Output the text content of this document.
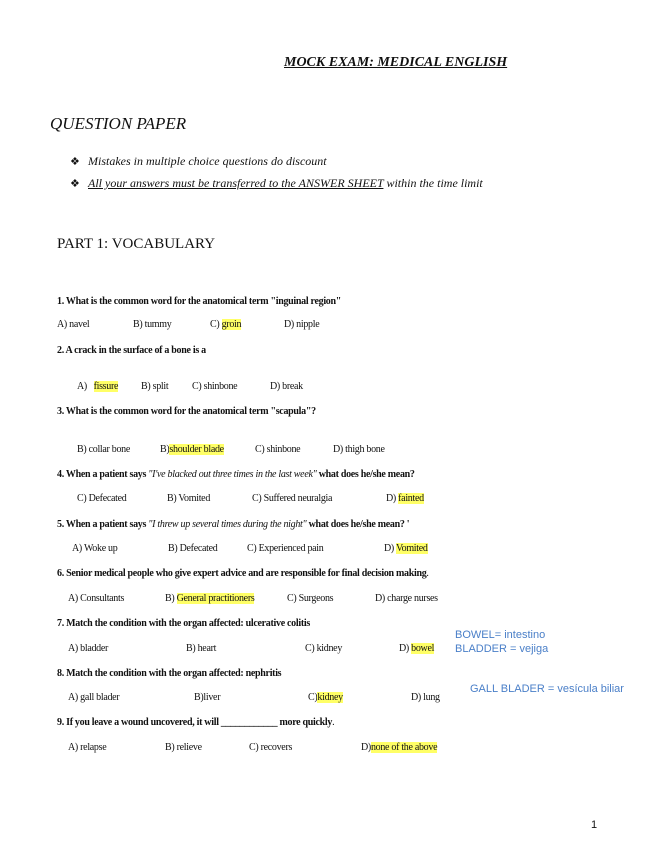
MOCK EXAM: MEDICAL ENGLISH
QUESTION PAPER
❖ Mistakes in multiple choice questions do discount
❖ All your answers must be transferred to the ANSWER SHEET within the time limit
PART 1: VOCABULARY
1. What is the common word for the anatomical term "inguinal region"
A) navel	B) tummy	C) groin	D) nipple
2. A crack in the surface of a bone is a
A) fissure B) split C) shinbone	D) break
3. What is the common word for the anatomical term "scapula"?
B) collar bone	B)shoulder blade	C) shinbone	D) thigh bone
4. When a patient says "I've blacked out three times in the last week" what does he/she mean?
C) Defecated	B) Vomited	C) Suffered neuralgia	D) fainted
5. When a patient says "I threw up several times during the night" what does he/she mean? '
A) Woke up	B) Defecated	C) Experienced pain	D) Vomited
6. Senior medical people who give expert advice and are responsible for final decision making.
A) Consultants	B) General practitioners	C) Surgeons	D) charge nurses
7. Match the condition with the organ affected: ulcerative colitis
A) bladder	B) heart	C) kidney	D) bowel
BOWEL= intestino
BLADDER = vejiga
8. Match the condition with the organ affected: nephritis
A) gall blader	B)liver	C)kidney	D) lung
GALL BLADER = vesícula biliar
9. If you leave a wound uncovered, it will ____________ more quickly.
A) relapse	B) relieve	C) recovers	D)none of the above
1
